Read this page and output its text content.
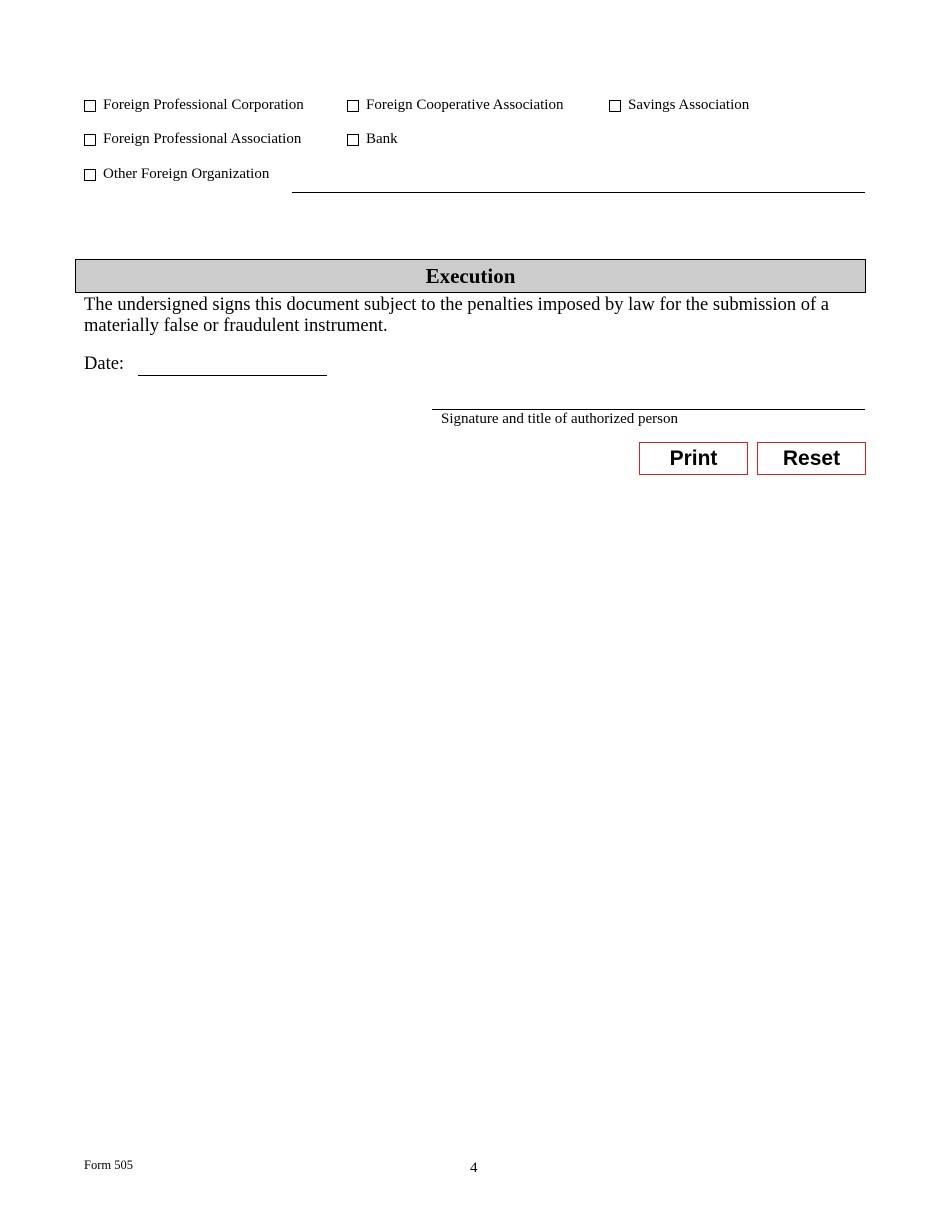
Foreign Professional Corporation	Foreign Cooperative Association	Savings Association
Foreign Professional Association	Bank
Other Foreign Organization
Execution
The undersigned signs this document subject to the penalties imposed by law for the submission of a materially false or fraudulent instrument.
Date:
Signature and title of authorized person
Print	Reset
Form 505	4
